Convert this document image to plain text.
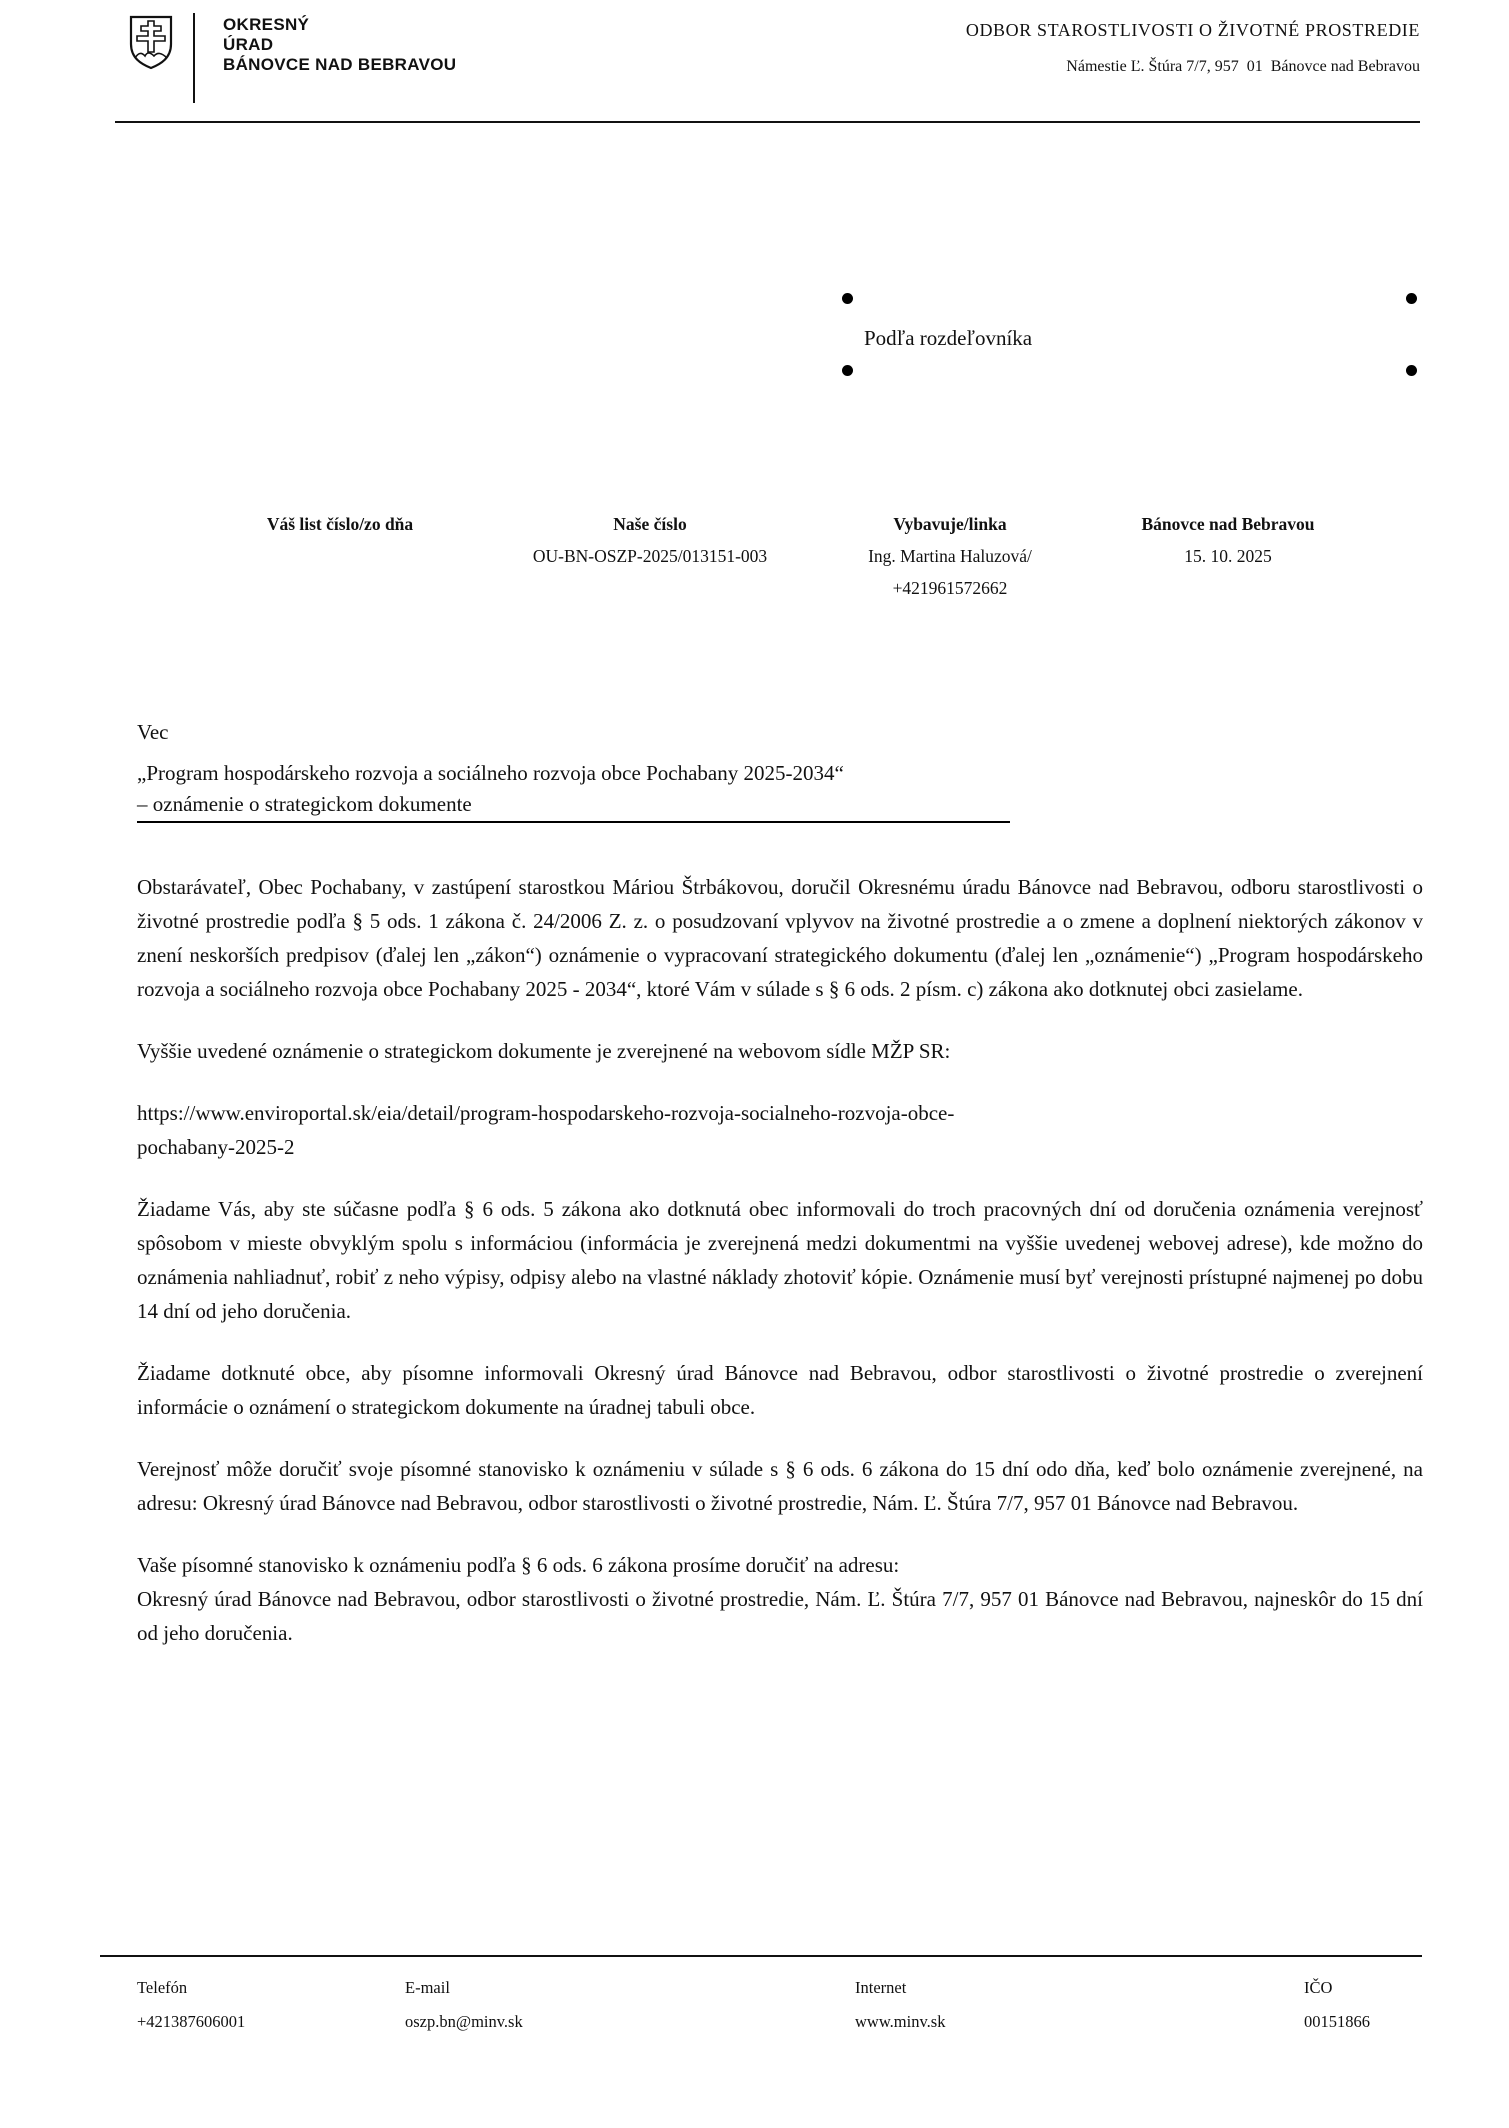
OKRESNÝ
ÚRAD
BÁNOVCE NAD BEBRAVOU
ODBOR STAROSTLIVOSTI O ŽIVOTNÉ PROSTREDIE
Námestie Ľ. Štúra 7/7, 957  01  Bánovce nad Bebravou
Podľa rozdeľovníka
Váš list číslo/zo dňa	Naše číslo
OU-BN-OSZP-2025/013151-003
Vybavuje/linka
Ing. Martina Haluzová/
+421961572662
Bánovce nad Bebravou
15. 10. 2025
Vec
„Program hospodárskeho rozvoja a sociálneho rozvoja obce Pochabany 2025-2034“
– oznámenie o strategickom dokumente

Obstarávateľ, Obec Pochabany, v zastúpení starostkou Máriou Štrbákovou, doručil Okresnému úradu Bánovce nad Bebravou, odboru starostlivosti o životné prostredie podľa § 5 ods. 1 zákona č. 24/2006 Z. z. o posudzovaní vplyvov na životné prostredie a o zmene a doplnení niektorých zákonov v znení neskorších predpisov (ďalej len „zákon“) oznámenie o vypracovaní strategického dokumentu (ďalej len „oznámenie“) „Program hospodárskeho rozvoja a sociálneho rozvoja obce Pochabany 2025 - 2034“, ktoré Vám v súlade s § 6 ods. 2 písm. c) zákona ako dotknutej obci zasielame.

Vyššie uvedené oznámenie o strategickom dokumente je zverejnené na webovom sídle MŽP SR:

https://www.enviroportal.sk/eia/detail/program-hospodarskeho-rozvoja-socialneho-rozvoja-obce-

pochabany-2025-2

Žiadame Vás, aby ste súčasne podľa § 6 ods. 5 zákona ako dotknutá obec informovali do troch pracovných dní od doručenia oznámenia verejnosť spôsobom v mieste obvyklým spolu s informáciou (informácia je zverejnená medzi dokumentmi na vyššie uvedenej webovej adrese), kde možno do oznámenia nahliadnuť, robiť z neho výpisy, odpisy alebo na vlastné náklady zhotoviť kópie. Oznámenie musí byť verejnosti prístupné najmenej po dobu 14 dní od jeho doručenia.

Žiadame dotknuté obce, aby písomne informovali Okresný úrad Bánovce nad Bebravou, odbor starostlivosti o životné prostredie o zverejnení informácie o oznámení o strategickom dokumente na úradnej tabuli obce.

Verejnosť môže doručiť svoje písomné stanovisko k oznámeniu v súlade s § 6 ods. 6 zákona do 15 dní odo dňa, keď bolo oznámenie zverejnené, na adresu: Okresný úrad Bánovce nad Bebravou, odbor starostlivosti o životné prostredie, Nám. Ľ. Štúra 7/7, 957 01 Bánovce nad Bebravou.

Vaše písomné stanovisko k oznámeniu podľa § 6 ods. 6 zákona prosíme doručiť na adresu:

Okresný úrad Bánovce nad Bebravou, odbor starostlivosti o životné prostredie, Nám. Ľ. Štúra 7/7, 957 01 Bánovce nad Bebravou, najneskôr do 15 dní od jeho doručenia.

Telefón
+421387606001
E-mail
oszp.bn@minv.sk
Internet
www.minv.sk
IČO
00151866
